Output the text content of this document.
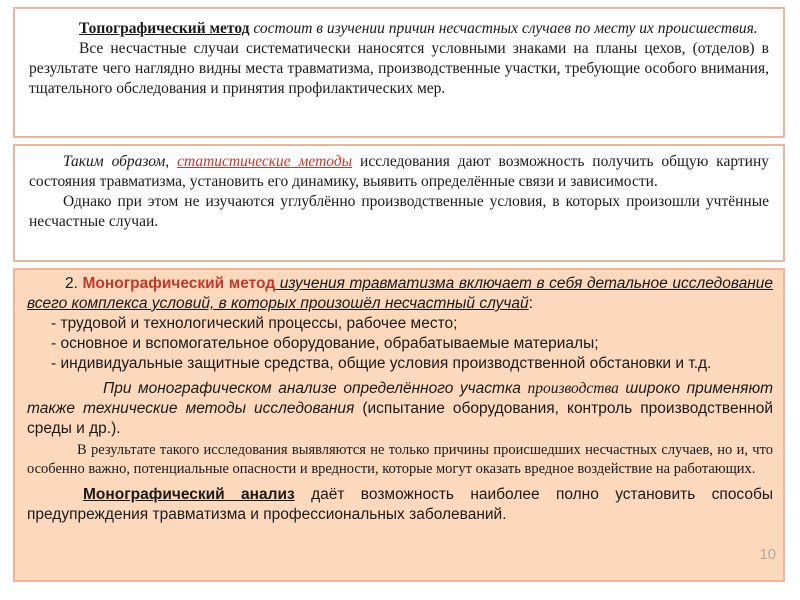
Топографический метод состоит в изучении причин несчастных случаев по месту их происшествия.

Все несчастные случаи систематически наносятся условными знаками на планы цехов, (отделов) в результате чего наглядно видны места травматизма, производственные участки, требующие особого внимания, тщательного обследования и принятия профилактических мер.

Таким образом, статистические методы исследования дают возможность получить общую картину состояния травматизма, установить его динамику, выявить определённые связи и зависимости.

Однако при этом не изучаются углублённо производственные условия, в которых произошли учтённые несчастные случаи.

2. Монографический метод изучения травматизма включает в себя детальное исследование всего комплекса условий, в которых произошёл несчастный случай:

- трудовой и технологический процессы, рабочее место;

- основное и вспомогательное оборудование, обрабатываемые материалы;

- индивидуальные защитные средства, общие условия производственной обстановки и т.д.

При монографическом анализе определённого участка производства широко применяют также технические методы исследования (испытание оборудования, контроль производственной среды и др.).

В результате такого исследования выявляются не только причины происшедших несчастных случаев, но и, что особенно важно, потенциальные опасности и вредности, которые могут оказать вредное воздействие на работающих.

Монографический анализ даёт возможность наиболее полно установить способы предупреждения травматизма и профессиональных заболеваний.

10
